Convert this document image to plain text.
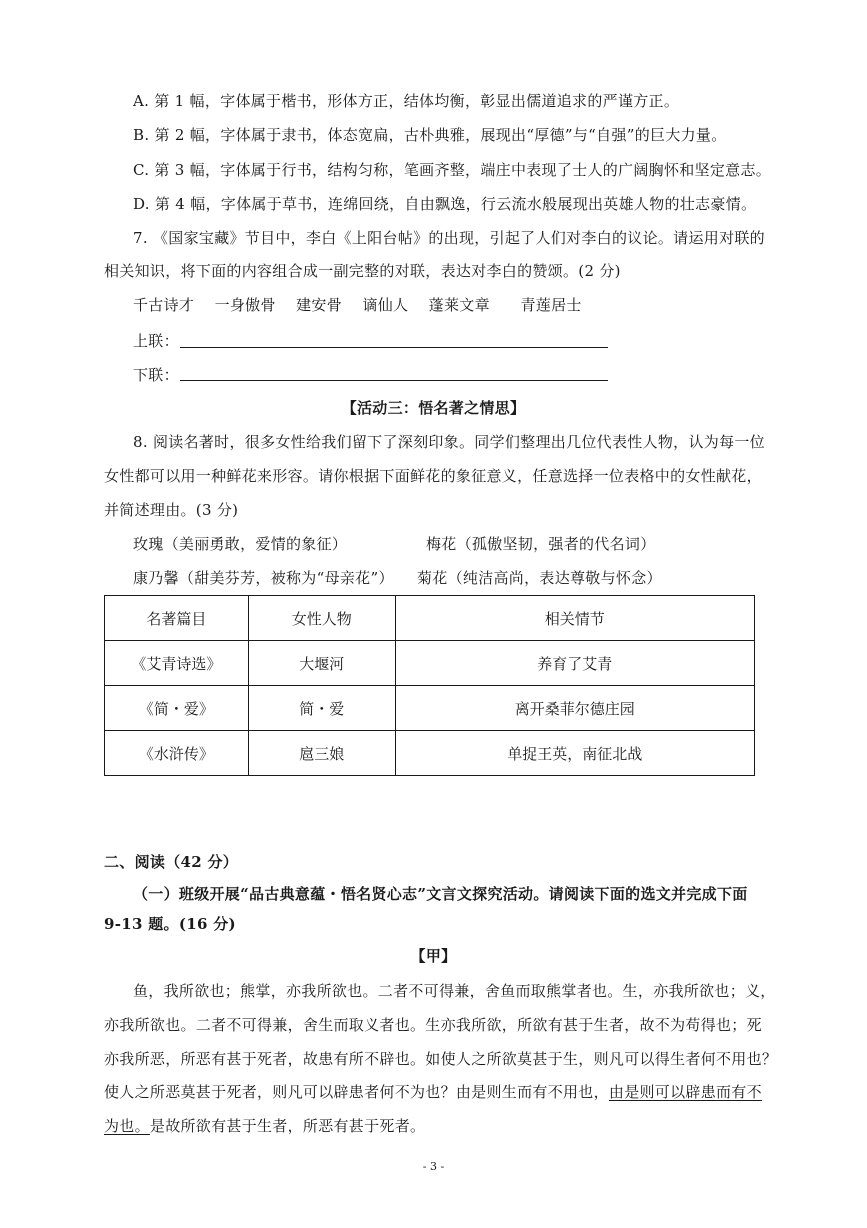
A. 第 1 幅，字体属于楷书，形体方正，结体均衡，彰显出儒道追求的严谨方正。
B. 第 2 幅，字体属于隶书，体态宽扁，古朴典雅，展现出“厚德”与“自强”的巨大力量。
C. 第 3 幅，字体属于行书，结构匀称，笔画齐整，端庄中表现了士人的广阔胸怀和坚定意志。
D. 第 4 幅，字体属于草书，连绵回绕，自由飘逸，行云流水般展现出英雄人物的壮志豪情。
7. 《国家宝藏》节目中，李白《上阳台帖》的出现，引起了人们对李白的议论。请运用对联的
相关知识，将下面的内容组合成一副完整的对联，表达对李白的赞颂。(2 分)
千古诗才　 一身傲骨　 建安骨　 谪仙人　 蓬莱文章　　青莲居士
上联：
下联：
【活动三：悟名著之情思】
8. 阅读名著时，很多女性给我们留下了深刻印象。同学们整理出几位代表性人物，认为每一位
女性都可以用一种鲜花来形容。请你根据下面鲜花的象征意义，任意选择一位表格中的女性献花，
并简述理由。(3 分)
玫瑰（美丽勇敢，爱情的象征）	梅花（孤傲坚韧，强者的代名词）
康乃馨（甜美芬芳，被称为“母亲花”） 菊花（纯洁高尚，表达尊敬与怀念）
名著篇目	女性人物	相关情节
《艾青诗选》	大堰河	养育了艾青
《简・爱》	简・爱	离开桑菲尔德庄园
《水浒传》	扈三娘	单捉王英，南征北战
二、阅读（42 分）
（一）班级开展“品古典意蕴・悟名贤心志”文言文探究活动。请阅读下面的选文并完成下面
9-13 题。(16 分)
【甲】
鱼，我所欲也；熊掌，亦我所欲也。二者不可得兼，舍鱼而取熊掌者也。生，亦我所欲也；义，
亦我所欲也。二者不可得兼，舍生而取义者也。生亦我所欲，所欲有甚于生者，故不为苟得也；死
亦我所恶，所恶有甚于死者，故患有所不辟也。如使人之所欲莫甚于生，则凡可以得生者何不用也？
使人之所恶莫甚于死者，则凡可以辟患者何不为也？由是则生而有不用也，由是则可以辟患而有不
为也。是故所欲有甚于生者，所恶有甚于死者。
- 3 -
